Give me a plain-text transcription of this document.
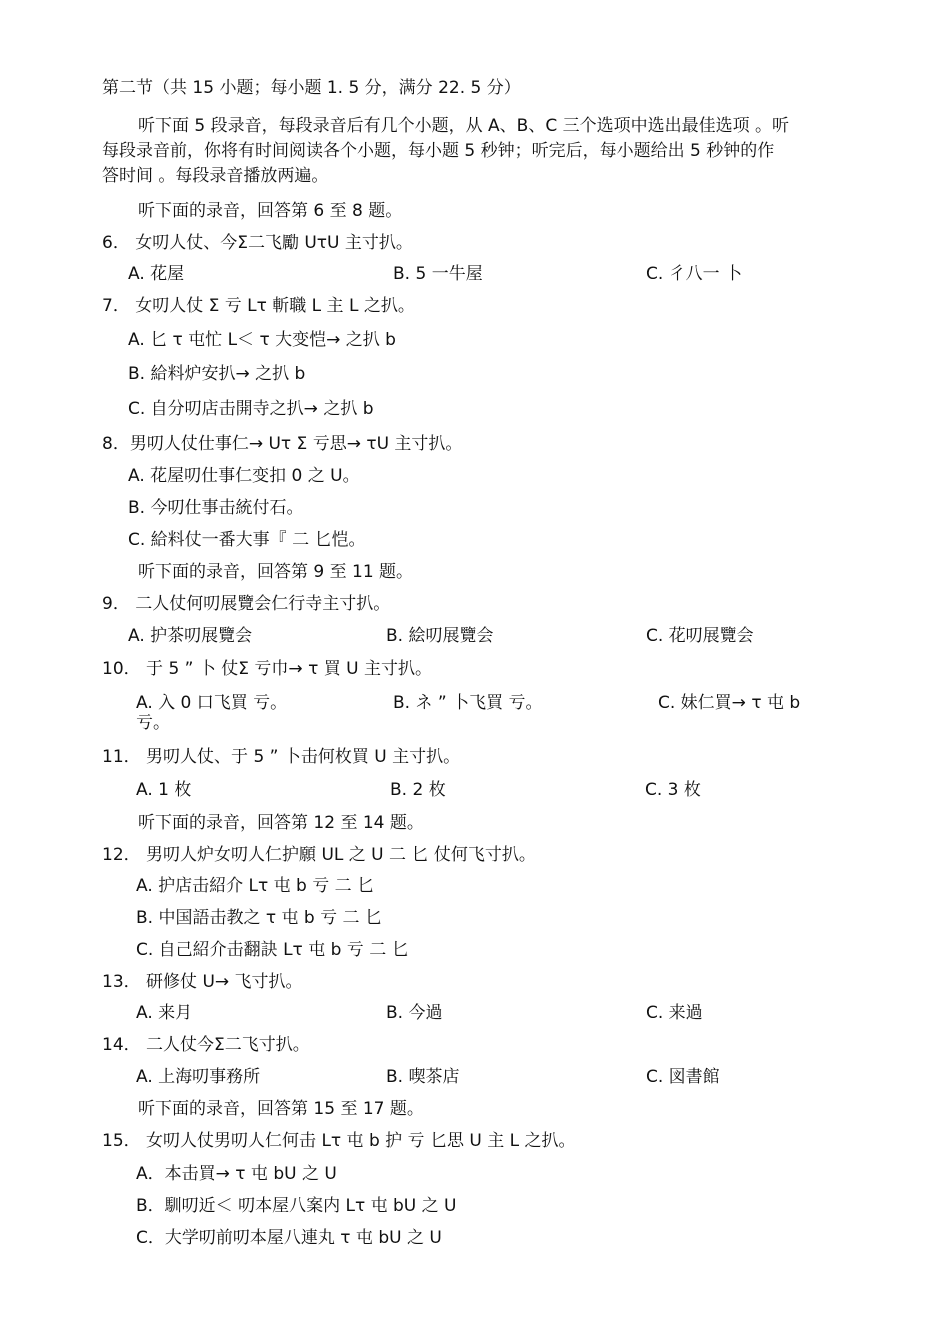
第二节（共 15 小题；每小题 1. 5 分，满分 22. 5 分）
听下面 5 段录音，每段录音后有几个小题，从 A、B、C 三个选项中选出最佳选项 。听
每段录音前，你将有时间阅读各个小题，每小题 5 秒钟；听完后，每小题给出 5 秒钟的作
答时间 。每段录音播放两遍。
听下面的录音，回答第 6 至 8 题。
6． 女叨人仗、今Σ二飞勵 UτU 主寸扒。
A. 花屋	B. 5 一牛屋	C. 彳八一 卜
7． 女叨人仗 Σ 亏 Lτ 斬職 L 主 L 之扒。
A. 匕 τ 屯忙 L＜ τ 大变恺→ 之扒 b
B. 給料炉安扒→ 之扒 b
C. 自分叨店击開寺之扒→ 之扒 b
8．男叨人仗仕事仁→ Uτ Σ 亏思→ τU 主寸扒。
A. 花屋叨仕事仁变扣 0 之 U。
B. 今叨仕事击統付石。
C. 給料仗一番大事『 二 匕恺。
听下面的录音，回答第 9 至 11 题。
9． 二人仗何叨展覽会仁行寺主寸扒。
A. 护茶叨展覽会	B. 絵叨展覽会	C. 花叨展覽会
10． 于 5 ” 卜 仗Σ 亏巾→ τ 買 U 主寸扒。
A. 入 0 口飞買 亏。	B. ネ ” 卜飞買 亏。	C. 妹仁買→ τ 屯 b
亏。
11． 男叨人仗、于 5 ” 卜击何枚買 U 主寸扒。
A. 1 枚	B. 2 枚	C. 3 枚
听下面的录音，回答第 12 至 14 题。
12． 男叨人炉女叨人仁护願 UL 之 U 二 匕 仗何飞寸扒。
A. 护店击紹介 Lτ 屯 b 亏 二 匕
B. 中国語击教之 τ 屯 b 亏 二 匕
C. 自己紹介击翻訣 Lτ 屯 b 亏 二 匕
13． 研修仗 U→ 飞寸扒。
A. 来月	B. 今過	C. 来過
14． 二人仗今Σ二飞寸扒。
A. 上海叨事務所	B. 喫茶店	C. 図書館
听下面的录音，回答第 15 至 17 题。
15． 女叨人仗男叨人仁何击 Lτ 屯 b 护 亏 匕思 U 主 L 之扒。
A．本击買→ τ 屯 bU 之 U
B．馴叨近＜ 叨本屋八案内 Lτ 屯 bU 之 U
C．大学叨前叨本屋八連丸 τ 屯 bU 之 U
